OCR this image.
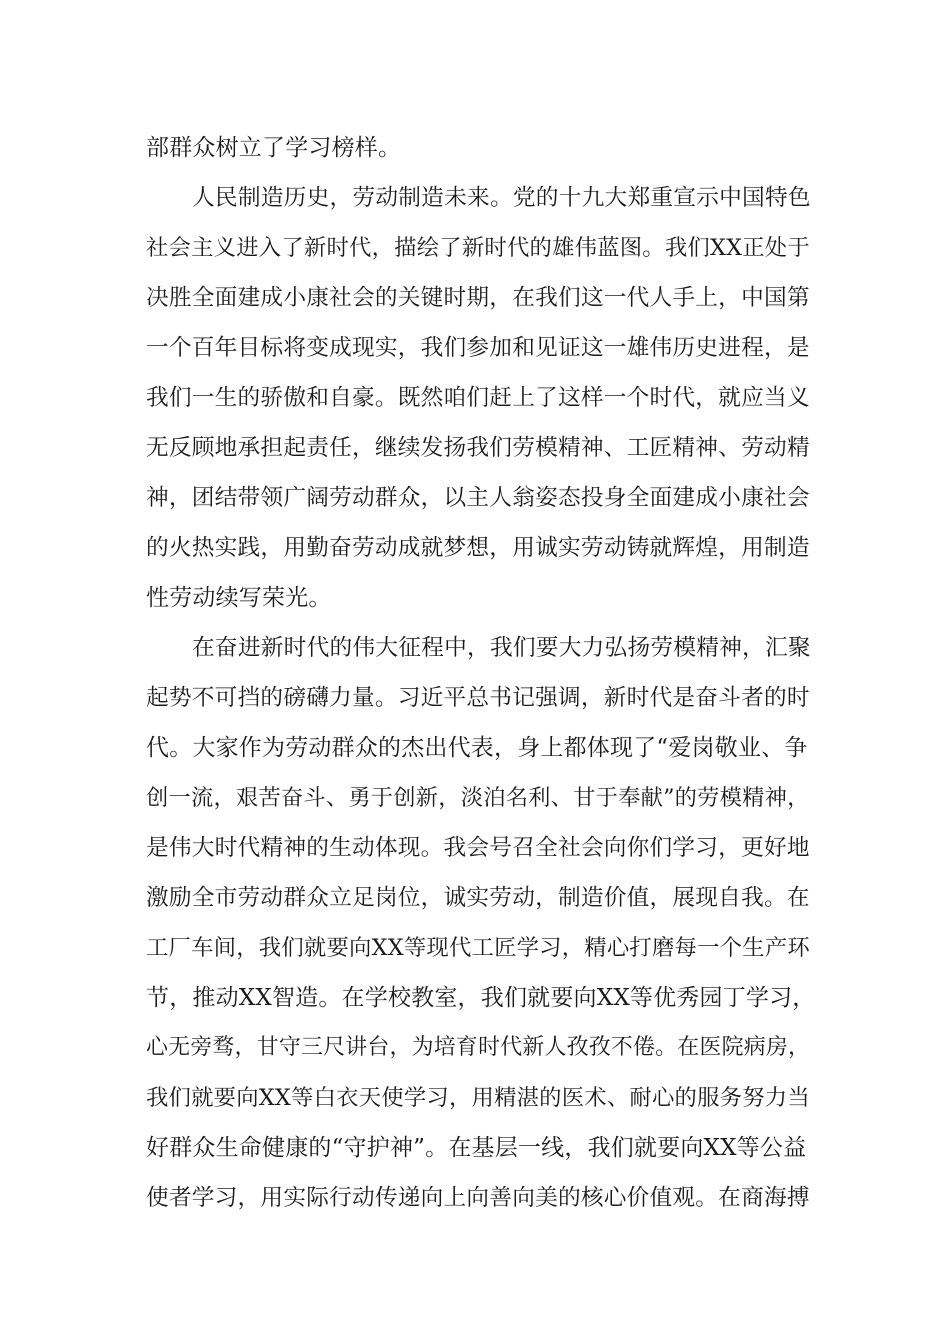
部群众树立了学习榜样。
人民制造历史，劳动制造未来。党的十九大郑重宣示中国特色
社会主义进入了新时代，描绘了新时代的雄伟蓝图。我们XX正处于
决胜全面建成小康社会的关键时期，在我们这一代人手上，中国第
一个百年目标将变成现实，我们参加和见证这一雄伟历史进程，是
我们一生的骄傲和自豪。既然咱们赶上了这样一个时代，就应当义
无反顾地承担起责任，继续发扬我们劳模精神、工匠精神、劳动精
神，团结带领广阔劳动群众，以主人翁姿态投身全面建成小康社会
的火热实践，用勤奋劳动成就梦想，用诚实劳动铸就辉煌，用制造
性劳动续写荣光。
在奋进新时代的伟大征程中，我们要大力弘扬劳模精神，汇聚
起势不可挡的磅礴力量。习近平总书记强调，新时代是奋斗者的时
代。大家作为劳动群众的杰出代表，身上都体现了“爱岗敬业、争
创一流，艰苦奋斗、勇于创新，淡泊名利、甘于奉献”的劳模精神，
是伟大时代精神的生动体现。我会号召全社会向你们学习，更好地
激励全市劳动群众立足岗位，诚实劳动，制造价值，展现自我。在
工厂车间，我们就要向XX等现代工匠学习，精心打磨每一个生产环
节，推动XX智造。在学校教室，我们就要向XX等优秀园丁学习，
心无旁骛，甘守三尺讲台，为培育时代新人孜孜不倦。在医院病房，
我们就要向XX等白衣天使学习，用精湛的医术、耐心的服务努力当
好群众生命健康的“守护神”。在基层一线，我们就要向XX等公益
使者学习，用实际行动传递向上向善向美的核心价值观。在商海搏
